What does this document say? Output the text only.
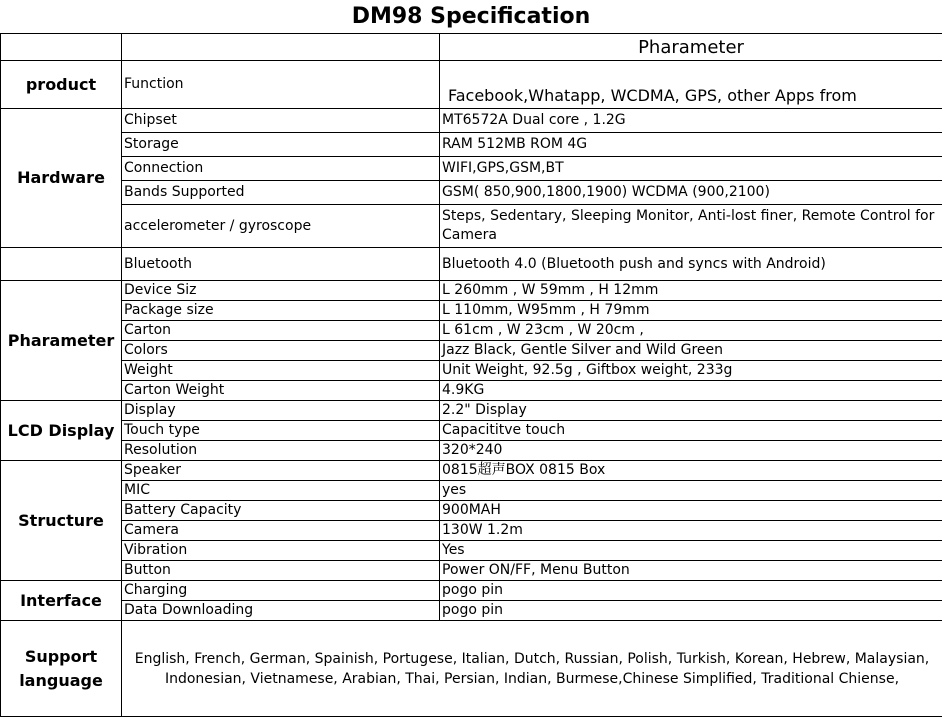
DM98 Specification
		Pharameter
product	Function	Facebook,Whatapp, WCDMA, GPS, other Apps from
Hardware	Chipset	MT6572A Dual core , 1.2G
	Storage	RAM 512MB ROM 4G
	Connection	WIFI,GPS,GSM,BT
	Bands Supported	GSM( 850,900,1800,1900) WCDMA (900,2100)
	accelerometer / gyroscope	Steps, Sedentary, Sleeping Monitor, Anti-lost finer, Remote Control for Camera
	Bluetooth	Bluetooth 4.0 (Bluetooth push and syncs with Android)
Pharameter	Device Siz	L 260mm , W 59mm , H 12mm
	Package size	L 110mm, W95mm , H 79mm
	Carton	L 61cm , W 23cm , W 20cm ,
	Colors	Jazz Black, Gentle Silver and Wild Green
	Weight	Unit Weight, 92.5g , Giftbox weight, 233g
	Carton Weight	4.9KG
LCD Display	Display	2.2" Display
	Touch type	Capacititve touch
	Resolution	320*240
Structure	Speaker	0815超声BOX 0815 Box
	MIC	yes
	Battery Capacity	900MAH
	Camera	130W 1.2m
	Vibration	Yes
	Button	Power ON/FF, Menu Button
Interface	Charging	pogo pin
	Data Downloading	pogo pin
Support language	English, French, German, Spainish, Portugese, Italian, Dutch, Russian, Polish, Turkish, Korean, Hebrew, Malaysian, Indonesian, Vietnamese, Arabian, Thai, Persian, Indian, Burmese,Chinese Simplified, Traditional Chiense,	
